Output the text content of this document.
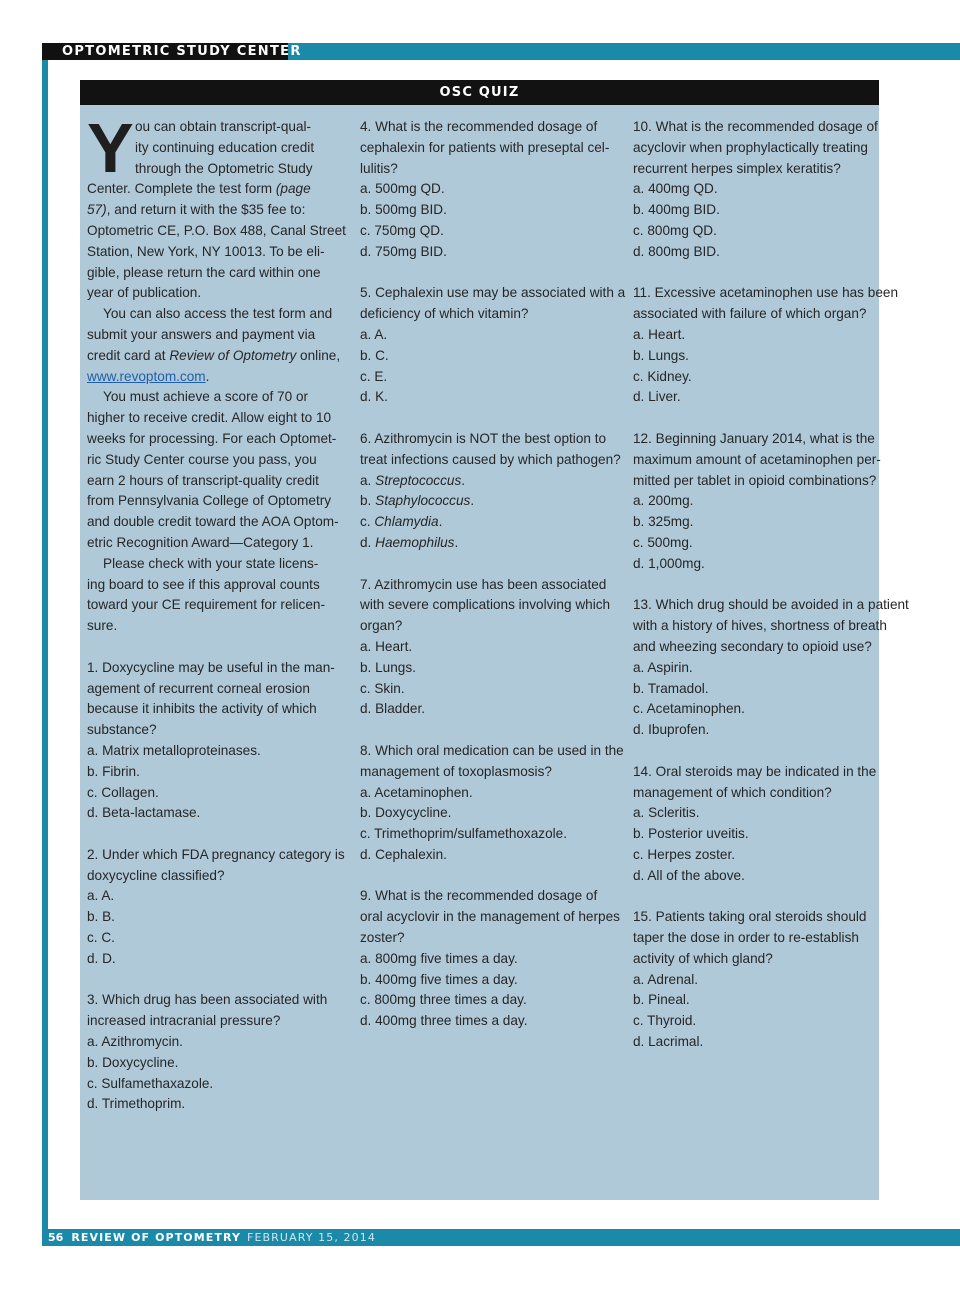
OPTOMETRIC STUDY CENTER
OSC QUIZ
Y ou can obtain transcript-qual-
ity continuing education credit
through the Optometric Study
Center. Complete the test form (page
57), and return it with the $35 fee to:
Optometric CE, P.O. Box 488, Canal Street
Station, New York, NY 10013. To be eli-
gible, please return the card within one
year of publication.
You can also access the test form and
submit your answers and payment via
credit card at Review of Optometry online,
www.revoptom.com.
You must achieve a score of 70 or
higher to receive credit. Allow eight to 10
weeks for processing. For each Optomet-
ric Study Center course you pass, you
earn 2 hours of transcript-quality credit
from Pennsylvania College of Optometry
and double credit toward the AOA Optom-
etric Recognition Award—Category 1.
Please check with your state licens-
ing board to see if this approval counts
toward your CE requirement for relicen-
sure.
1. Doxycycline may be useful in the man-
agement of recurrent corneal erosion
because it inhibits the activity of which
substance?
a. Matrix metalloproteinases.
b. Fibrin.
c. Collagen.
d. Beta-lactamase.
2. Under which FDA pregnancy category is
doxycycline classified?
a. A.
b. B.
c. C.
d. D.
3. Which drug has been associated with
increased intracranial pressure?
a. Azithromycin.
b. Doxycycline.
c. Sulfamethaxazole.
d. Trimethoprim.
4. What is the recommended dosage of
cephalexin for patients with preseptal cel-
lulitis?
a. 500mg QD.
b. 500mg BID.
c. 750mg QD.
d. 750mg BID.
5. Cephalexin use may be associated with a
deficiency of which vitamin?
a. A.
b. C.
c. E.
d. K.
6. Azithromycin is NOT the best option to
treat infections caused by which pathogen?
a. Streptococcus.
b. Staphylococcus.
c. Chlamydia.
d. Haemophilus.
7. Azithromycin use has been associated
with severe complications involving which
organ?
a. Heart.
b. Lungs.
c. Skin.
d. Bladder.
8. Which oral medication can be used in the
management of toxoplasmosis?
a. Acetaminophen.
b. Doxycycline.
c. Trimethoprim/sulfamethoxazole.
d. Cephalexin.
9. What is the recommended dosage of
oral acyclovir in the management of herpes
zoster?
a. 800mg five times a day.
b. 400mg five times a day.
c. 800mg three times a day.
d. 400mg three times a day.
10. What is the recommended dosage of
acyclovir when prophylactically treating
recurrent herpes simplex keratitis?
a. 400mg QD.
b. 400mg BID.
c. 800mg QD.
d. 800mg BID.
11. Excessive acetaminophen use has been
associated with failure of which organ?
a. Heart.
b. Lungs.
c. Kidney.
d. Liver.
12. Beginning January 2014, what is the
maximum amount of acetaminophen per-
mitted per tablet in opioid combinations?
a. 200mg.
b. 325mg.
c. 500mg.
d. 1,000mg.
13. Which drug should be avoided in a patient
with a history of hives, shortness of breath
and wheezing secondary to opioid use?
a. Aspirin.
b. Tramadol.
c. Acetaminophen.
d. Ibuprofen.
14. Oral steroids may be indicated in the
management of which condition?
a. Scleritis.
b. Posterior uveitis.
c. Herpes zoster.
d. All of the above.
15. Patients taking oral steroids should
taper the dose in order to re-establish
activity of which gland?
a. Adrenal.
b. Pineal.
c. Thyroid.
d. Lacrimal.
56 REVIEW OF OPTOMETRY FEBRUARY 15, 2014
